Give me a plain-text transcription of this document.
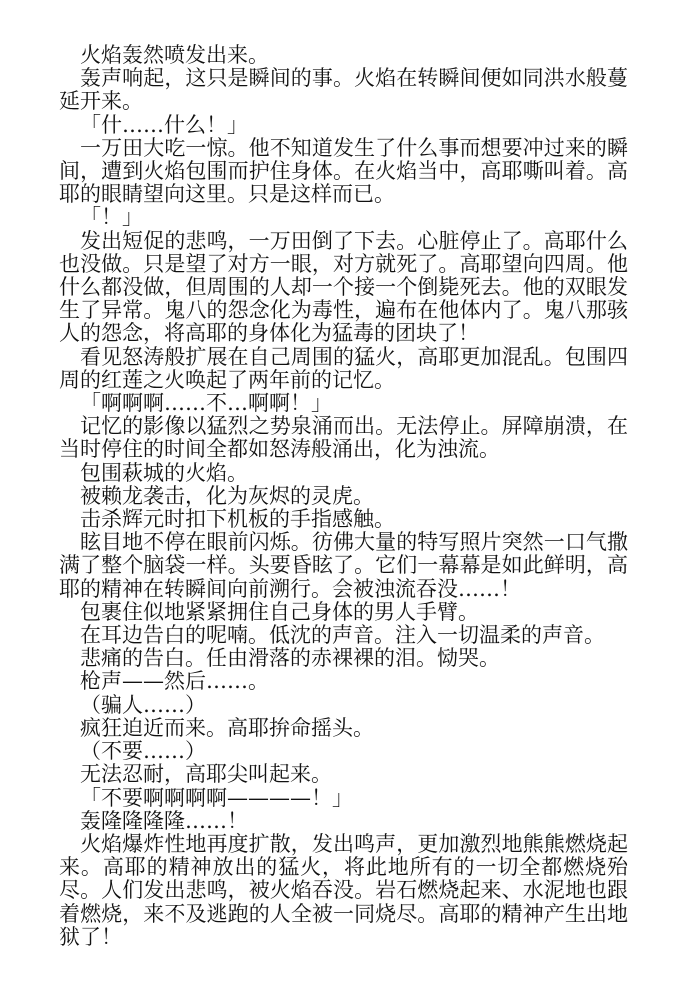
火焰轰然喷发出来。

轰声响起，这只是瞬间的事。火焰在转瞬间便如同洪水般蔓延开来。

「什……什么！」

一万田大吃一惊。他不知道发生了什么事而想要冲过来的瞬间，遭到火焰包围而护住身体。在火焰当中，高耶嘶叫着。高耶的眼睛望向这里。只是这样而已。

「！」

发出短促的悲鸣，一万田倒了下去。心脏停止了。高耶什么也没做。只是望了对方一眼，对方就死了。高耶望向四周。他什么都没做，但周围的人却一个接一个倒毙死去。他的双眼发生了异常。鬼八的怨念化为毒性，遍布在他体内了。鬼八那骇人的怨念，将高耶的身体化为猛毒的团块了！

看见怒涛般扩展在自己周围的猛火，高耶更加混乱。包围四周的红莲之火唤起了两年前的记忆。

「啊啊啊……不…啊啊！」

记忆的影像以猛烈之势泉涌而出。无法停止。屏障崩溃，在当时停住的时间全都如怒涛般涌出，化为浊流。

包围萩城的火焰。

被赖龙袭击，化为灰烬的灵虎。

击杀辉元时扣下机板的手指感触。

眩目地不停在眼前闪烁。彷佛大量的特写照片突然一口气撒满了整个脑袋一样。头要昏眩了。它们一幕幕是如此鲜明，高耶的精神在转瞬间向前溯行。会被浊流吞没……！

包裹住似地紧紧拥住自己身体的男人手臂。

在耳边告白的呢喃。低沈的声音。注入一切温柔的声音。

悲痛的告白。任由滑落的赤裸裸的泪。恸哭。

枪声——然后……。

（骗人……）

疯狂迫近而来。高耶拚命摇头。

（不要……）

无法忍耐，高耶尖叫起来。

「不要啊啊啊啊————！」

轰隆隆隆隆……！

火焰爆炸性地再度扩散，发出鸣声，更加激烈地熊熊燃烧起来。高耶的精神放出的猛火，将此地所有的一切全都燃烧殆尽。人们发出悲鸣，被火焰吞没。岩石燃烧起来、水泥地也跟着燃烧，来不及逃跑的人全被一同烧尽。高耶的精神产生出地狱了！
